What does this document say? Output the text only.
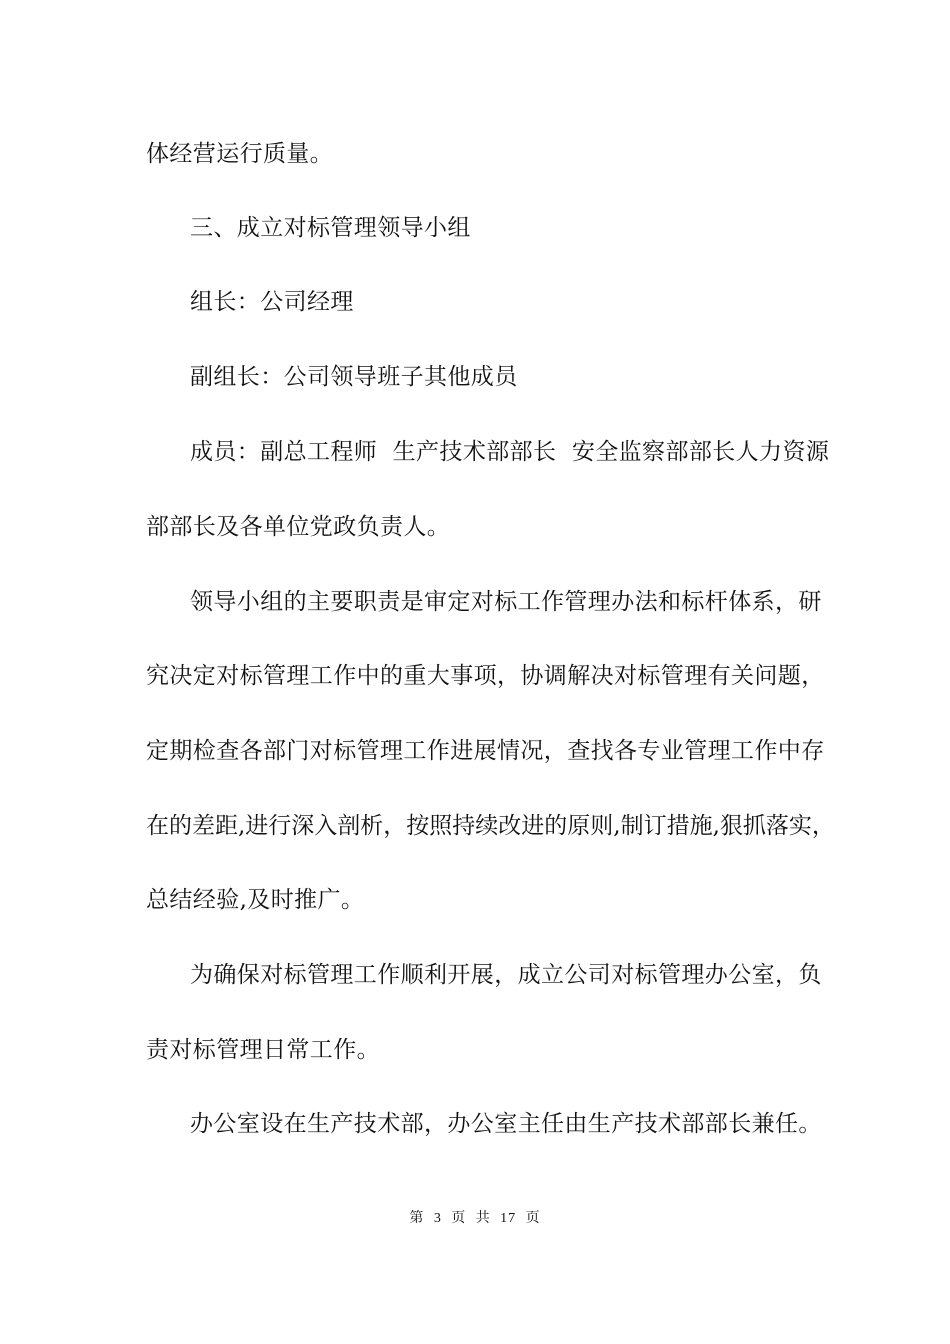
体经营运行质量。
三、成立对标管理领导小组
组长：公司经理
副组长：公司领导班子其他成员
成员：副总工程师  生产技术部部长  安全监察部部长人力资源
部部长及各单位党政负责人。
领导小组的主要职责是审定对标工作管理办法和标杆体系，研
究决定对标管理工作中的重大事项，协调解决对标管理有关问题，
定期检查各部门对标管理工作进展情况，查找各专业管理工作中存
在的差距,进行深入剖析，按照持续改进的原则,制订措施,狠抓落实，
总结经验,及时推广。
为确保对标管理工作顺利开展，成立公司对标管理办公室，负
责对标管理日常工作。
办公室设在生产技术部，办公室主任由生产技术部部长兼任。
第 3 页 共 17 页
